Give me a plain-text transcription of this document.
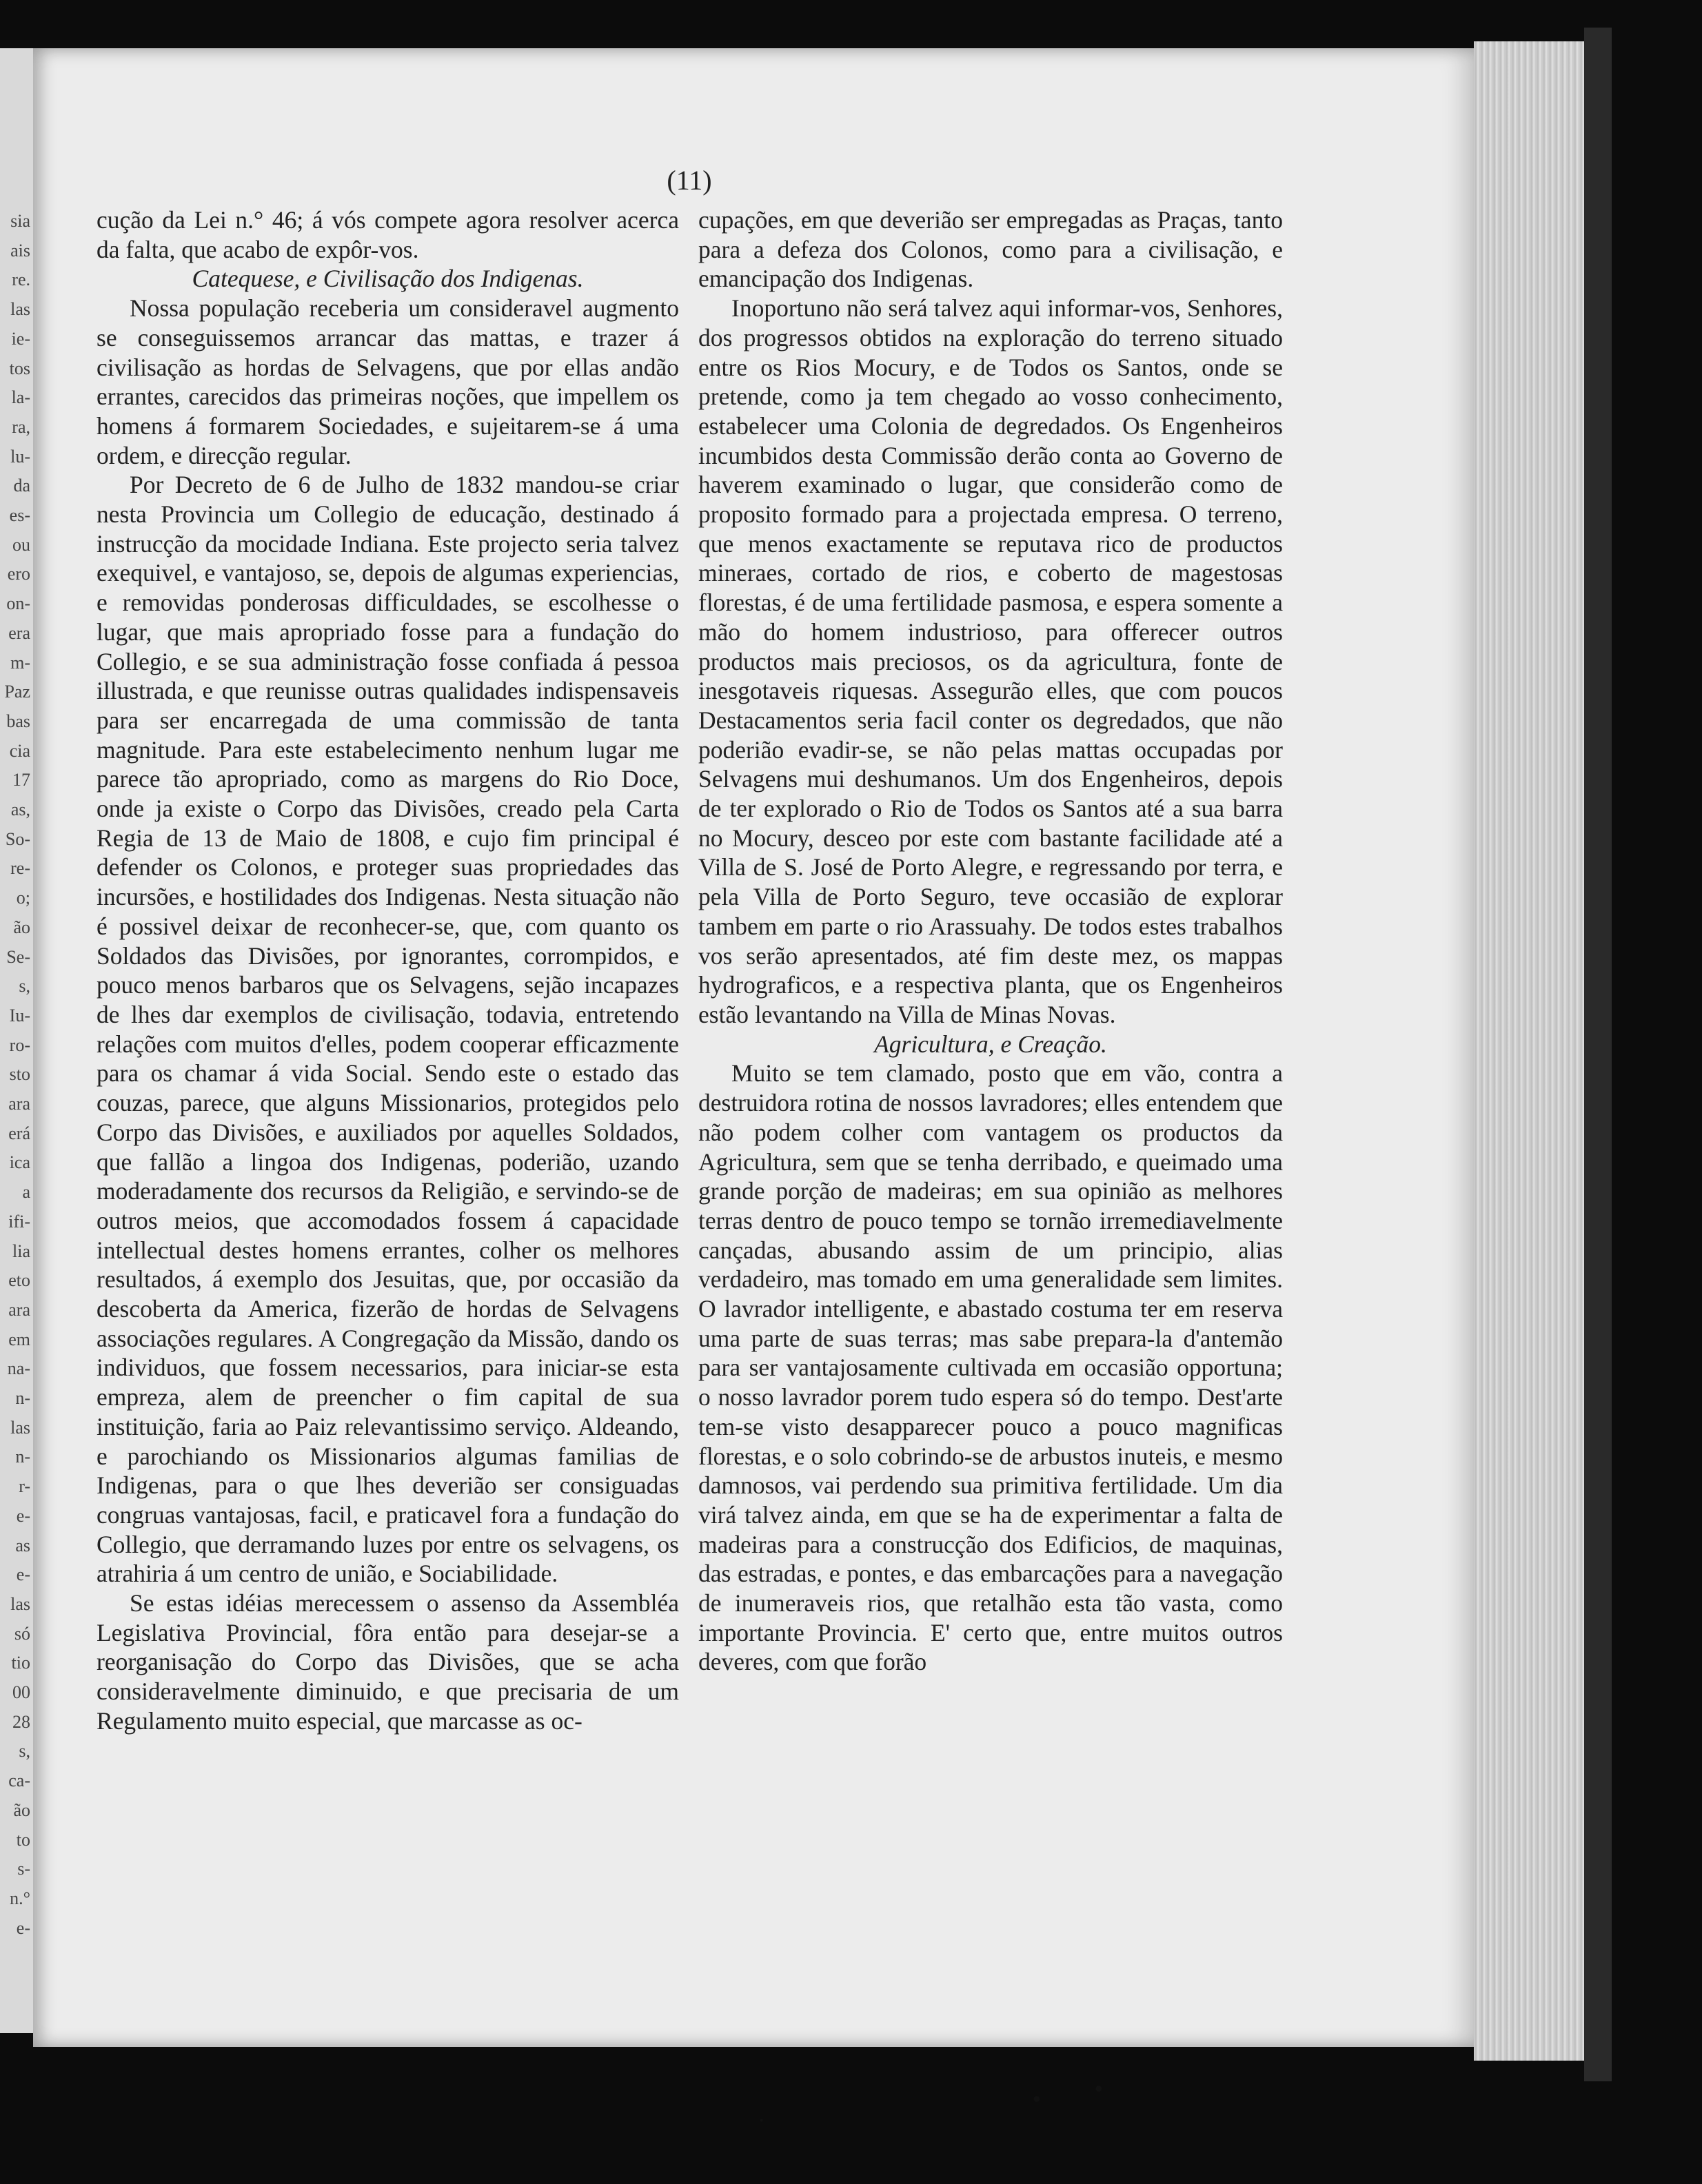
sia
ais
re.
las
ie-
tos
la-
ra,
lu-
da
es-
ou
ero
on-
era
m-
Paz
bas
cia
17
as,
So-
re-
o;
ão
Se-
s,
Iu-
ro-
sto
ara
erá
ica
a
ifi-
lia
eto
ara
em
na-
n-
las
n-
r-
e-
as
e-
las
só
tio
00
28
s,
ca-
ão
to
s-
n.°
e-
(11)

cução da Lei n.° 46; á vós compete agora resolver acerca da falta, que acabo de expôr-vos.

Catequese, e Civilisação dos Indigenas.

Nossa população receberia um consideravel augmento se conseguissemos arrancar das mattas, e trazer á civilisação as hordas de Selvagens, que por ellas andão errantes, carecidos das primeiras noções, que impellem os homens á formarem Sociedades, e sujeitarem-se á uma ordem, e direcção regular.

Por Decreto de 6 de Julho de 1832 mandou-se criar nesta Provincia um Collegio de educação, destinado á instrucção da mocidade Indiana. Este projecto seria talvez exequivel, e vantajoso, se, depois de algumas experiencias, e removidas ponderosas difficuldades, se escolhesse o lugar, que mais apropriado fosse para a fundação do Collegio, e se sua administração fosse confiada á pessoa illustrada, e que reunisse outras qualidades indispensaveis para ser encarregada de uma commissão de tanta magnitude. Para este estabelecimento nenhum lugar me parece tão apropriado, como as margens do Rio Doce, onde ja existe o Corpo das Divisões, creado pela Carta Regia de 13 de Maio de 1808, e cujo fim principal é defender os Colonos, e proteger suas propriedades das incursões, e hostilidades dos Indigenas. Nesta situação não é possivel deixar de reconhecer-se, que, com quanto os Soldados das Divisões, por ignorantes, corrompidos, e pouco menos barbaros que os Selvagens, sejão incapazes de lhes dar exemplos de civilisação, todavia, entretendo relações com muitos d'elles, podem cooperar efficazmente para os chamar á vida Social. Sendo este o estado das couzas, parece, que alguns Missionarios, protegidos pelo Corpo das Divisões, e auxiliados por aquelles Soldados, que fallão a lingoa dos Indigenas, poderião, uzando moderadamente dos recursos da Religião, e servindo-se de outros meios, que accomodados fossem á capacidade intellectual destes homens errantes, colher os melhores resultados, á exemplo dos Jesuitas, que, por occasião da descoberta da America, fizerão de hordas de Selvagens associações regulares. A Congregação da Missão, dando os individuos, que fossem necessarios, para iniciar-se esta empreza, alem de preencher o fim capital de sua instituição, faria ao Paiz relevantissimo serviço. Aldeando, e parochiando os Missionarios algumas familias de Indigenas, para o que lhes deverião ser consiguadas congruas vantajosas, facil, e praticavel fora a fundação do Collegio, que derramando luzes por entre os selvagens, os atrahiria á um centro de união, e Sociabilidade.

Se estas idéias merecessem o assenso da Assembléa Legislativa Provincial, fôra então para desejar-se a reorganisação do Corpo das Divisões, que se acha consideravelmente diminuido, e que precisaria de um Regulamento muito especial, que marcasse as oc-

cupações, em que deverião ser empregadas as Praças, tanto para a defeza dos Colonos, como para a civilisação, e emancipação dos Indigenas.

Inoportuno não será talvez aqui informar-vos, Senhores, dos progressos obtidos na exploração do terreno situado entre os Rios Mocury, e de Todos os Santos, onde se pretende, como ja tem chegado ao vosso conhecimento, estabelecer uma Colonia de degredados. Os Engenheiros incumbidos desta Commissão derão conta ao Governo de haverem examinado o lugar, que considerão como de proposito formado para a projectada empresa. O terreno, que menos exactamente se reputava rico de productos mineraes, cortado de rios, e coberto de magestosas florestas, é de uma fertilidade pasmosa, e espera somente a mão do homem industrioso, para offerecer outros productos mais preciosos, os da agricultura, fonte de inesgotaveis riquesas. Assegurão elles, que com poucos Destacamentos seria facil conter os degredados, que não poderião evadir-se, se não pelas mattas occupadas por Selvagens mui deshumanos. Um dos Engenheiros, depois de ter explorado o Rio de Todos os Santos até a sua barra no Mocury, desceo por este com bastante facilidade até a Villa de S. José de Porto Alegre, e regressando por terra, e pela Villa de Porto Seguro, teve occasião de explorar tambem em parte o rio Arassuahy. De todos estes trabalhos vos serão apresentados, até fim deste mez, os mappas hydrograficos, e a respectiva planta, que os Engenheiros estão levantando na Villa de Minas Novas.

Agricultura, e Creação.

Muito se tem clamado, posto que em vão, contra a destruidora rotina de nossos lavradores; elles entendem que não podem colher com vantagem os productos da Agricultura, sem que se tenha derribado, e queimado uma grande porção de madeiras; em sua opinião as melhores terras dentro de pouco tempo se tornão irremediavelmente cançadas, abusando assim de um principio, alias verdadeiro, mas tomado em uma generalidade sem limites. O lavrador intelligente, e abastado costuma ter em reserva uma parte de suas terras; mas sabe prepara-la d'antemão para ser vantajosamente cultivada em occasião opportuna; o nosso lavrador porem tudo espera só do tempo. Dest'arte tem-se visto desapparecer pouco a pouco magnificas florestas, e o solo cobrindo-se de arbustos inuteis, e mesmo damnosos, vai perdendo sua primitiva fertilidade. Um dia virá talvez ainda, em que se ha de experimentar a falta de madeiras para a construcção dos Edificios, de maquinas, das estradas, e pontes, e das embarcações para a navegação de inumeraveis rios, que retalhão esta tão vasta, como importante Provincia. E' certo que, entre muitos outros deveres, com que forão

·
• •
